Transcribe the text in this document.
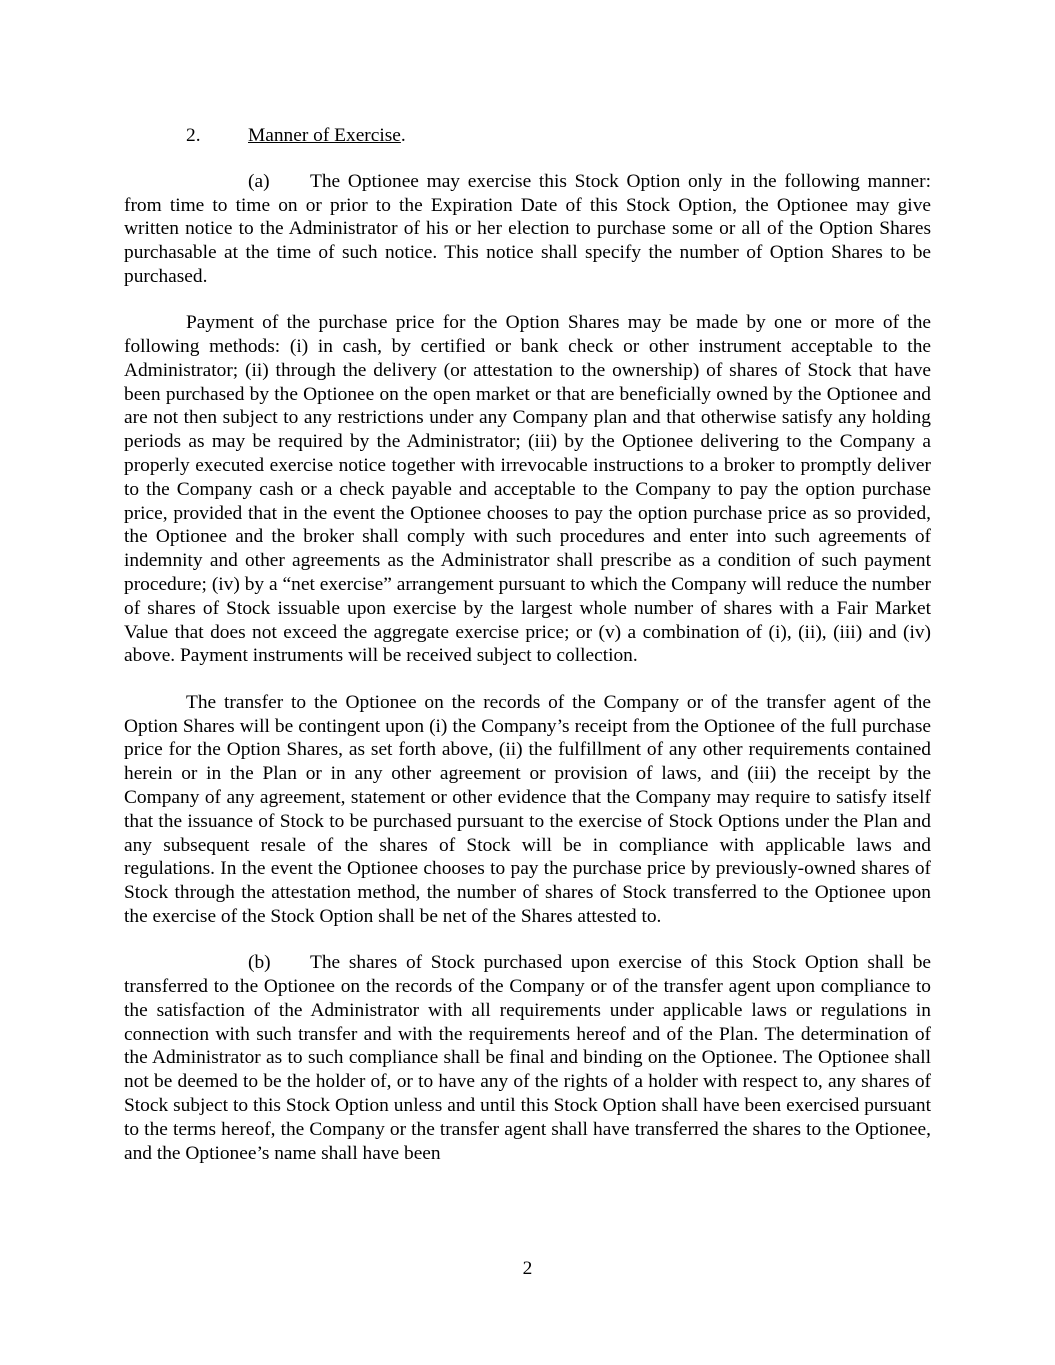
2. Manner of Exercise.

(a) The Optionee may exercise this Stock Option only in the following manner: from time to time on or prior to the Expiration Date of this Stock Option, the Optionee may give written notice to the Administrator of his or her election to purchase some or all of the Option Shares purchasable at the time of such notice. This notice shall specify the number of Option Shares to be purchased.

Payment of the purchase price for the Option Shares may be made by one or more of the following methods: (i) in cash, by certified or bank check or other instrument acceptable to the Administrator; (ii) through the delivery (or attestation to the ownership) of shares of Stock that have been purchased by the Optionee on the open market or that are beneficially owned by the Optionee and are not then subject to any restrictions under any Company plan and that otherwise satisfy any holding periods as may be required by the Administrator; (iii) by the Optionee delivering to the Company a properly executed exercise notice together with irrevocable instructions to a broker to promptly deliver to the Company cash or a check payable and acceptable to the Company to pay the option purchase price, provided that in the event the Optionee chooses to pay the option purchase price as so provided, the Optionee and the broker shall comply with such procedures and enter into such agreements of indemnity and other agreements as the Administrator shall prescribe as a condition of such payment procedure; (iv) by a “net exercise” arrangement pursuant to which the Company will reduce the number of shares of Stock issuable upon exercise by the largest whole number of shares with a Fair Market Value that does not exceed the aggregate exercise price; or (v) a combination of (i), (ii), (iii) and (iv) above. Payment instruments will be received subject to collection.

The transfer to the Optionee on the records of the Company or of the transfer agent of the Option Shares will be contingent upon (i) the Company’s receipt from the Optionee of the full purchase price for the Option Shares, as set forth above, (ii) the fulfillment of any other requirements contained herein or in the Plan or in any other agreement or provision of laws, and (iii) the receipt by the Company of any agreement, statement or other evidence that the Company may require to satisfy itself that the issuance of Stock to be purchased pursuant to the exercise of Stock Options under the Plan and any subsequent resale of the shares of Stock will be in compliance with applicable laws and regulations. In the event the Optionee chooses to pay the purchase price by previously-owned shares of Stock through the attestation method, the number of shares of Stock transferred to the Optionee upon the exercise of the Stock Option shall be net of the Shares attested to.

(b) The shares of Stock purchased upon exercise of this Stock Option shall be transferred to the Optionee on the records of the Company or of the transfer agent upon compliance to the satisfaction of the Administrator with all requirements under applicable laws or regulations in connection with such transfer and with the requirements hereof and of the Plan. The determination of the Administrator as to such compliance shall be final and binding on the Optionee. The Optionee shall not be deemed to be the holder of, or to have any of the rights of a holder with respect to, any shares of Stock subject to this Stock Option unless and until this Stock Option shall have been exercised pursuant to the terms hereof, the Company or the transfer agent shall have transferred the shares to the Optionee, and the Optionee’s name shall have been

2
